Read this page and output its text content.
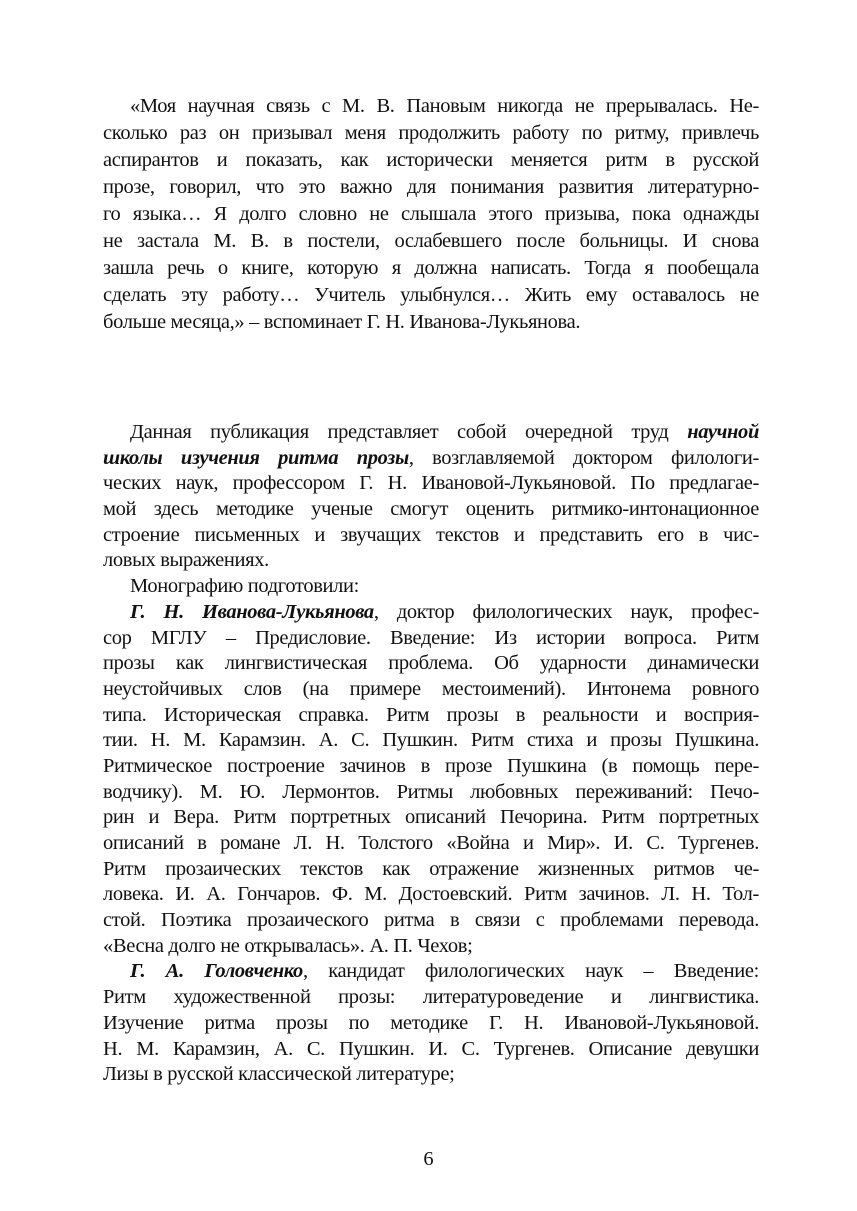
«Моя научная связь с М. В. Пановым никогда не прерывалась. Не-
сколько раз он призывал меня продолжить работу по ритму, привлечь
аспирантов и показать, как исторически меняется ритм в русской
прозе, говорил, что это важно для понимания развития литературно-
го языка… Я долго словно не слышала этого призыва, пока однажды
не застала М. В. в постели, ослабевшего после больницы. И снова
зашла речь о книге, которую я должна написать. Тогда я пообещала
сделать эту работу… Учитель улыбнулся… Жить ему оставалось не
больше месяца,» – вспоминает Г. Н. Иванова-Лукьянова.
Данная публикация представляет собой очередной труд научной
школы изучения ритма прозы, возглавляемой доктором филологи-
ческих наук, профессором Г. Н. Ивановой-Лукьяновой. По предлагае-
мой здесь методике ученые смогут оценить ритмико-интонационное
строение письменных и звучащих текстов и представить его в чис-
ловых выражениях.
Монографию подготовили:
Г. Н. Иванова-Лукьянова, доктор филологических наук, профес-
сор МГЛУ – Предисловие. Введение: Из истории вопроса. Ритм
прозы как лингвистическая проблема. Об ударности динамически
неустойчивых слов (на примере местоимений). Интонема ровного
типа. Историческая справка. Ритм прозы в реальности и восприя-
тии. Н. М. Карамзин. А. С. Пушкин. Ритм стиха и прозы Пушкина.
Ритмическое построение зачинов в прозе Пушкина (в помощь пере-
водчику). М. Ю. Лермонтов. Ритмы любовных переживаний: Печо-
рин и Вера. Ритм портретных описаний Печорина. Ритм портретных
описаний в романе Л. Н. Толстого «Война и Мир». И. С. Тургенев.
Ритм прозаических текстов как отражение жизненных ритмов че-
ловека. И. А. Гончаров. Ф. М. Достоевский. Ритм зачинов. Л. Н. Тол-
стой. Поэтика прозаического ритма в связи с проблемами перевода.
«Весна долго не открывалась». А. П. Чехов;
Г. А. Головченко, кандидат филологических наук – Введение:
Ритм художественной прозы: литературоведение и лингвистика.
Изучение ритма прозы по методике Г. Н. Ивановой-Лукьяновой.
Н. М. Карамзин, А. С. Пушкин. И. С. Тургенев. Описание девушки
Лизы в русской классической литературе;
6
